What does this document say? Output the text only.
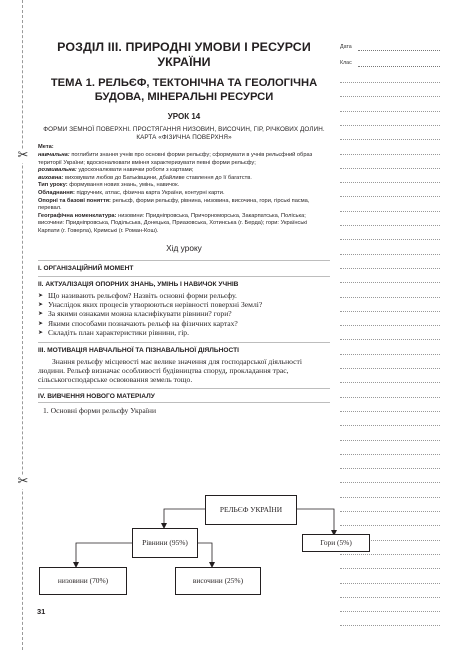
✂
✂
Дата
Клас
РОЗДІЛ ІІІ. ПРИРОДНІ УМОВИ І РЕСУРСИ УКРАЇНИ
ТЕМА 1. РЕЛЬЄФ, ТЕКТОНІЧНА ТА ГЕОЛОГІЧНА БУДОВА, МІНЕРАЛЬНІ РЕСУРСИ
УРОК 14
ФОРМИ ЗЕМНОЇ ПОВЕРХНІ. ПРОСТЯГАННЯ НИЗОВИН, ВИСОЧИН, ГІР, РІЧКОВИХ ДОЛИН. КАРТА «ФІЗИЧНА ПОВЕРХНЯ»

Мета:

навчальна: поглибити знання учнів про основні форми рельєфу; сформувати в учнів рельєфний образ території України; вдосконалювати вміння характеризувати певні форми рельєфу;

розвивальна: удосконалювати навички роботи з картами;

виховна: виховувати любов до Батьківщини, дбайливе ставлення до її багатств.

Тип уроку: формування нових знань, умінь, навичок.

Обладнання: підручник, атлас, фізична карта України, контурні карти.

Опорні та базові поняття: рельєф, форми рельєфу, рівнина, низовина, височина, гори, гірські пасма, перевал.

Географічна номенклатура: низовини: Придніпровська, Причорноморська, Закарпатська, Поліська; височини: Придніпровська, Подільська, Донецька, Приазовська, Хотинська (г. Берда); гори: Українські Карпати (г. Говерла), Кримські (г. Роман-Кош).

Хід уроку

І. ОРГАНІЗАЦІЙНИЙ МОМЕНТ

ІІ. АКТУАЛІЗАЦІЯ ОПОРНИХ ЗНАНЬ, УМІНЬ І НАВИЧОК УЧНІВ

➤ Що називають рельєфом? Назвіть основні форми рельєфу.
➤ Унаслідок яких процесів утворюються нерівності поверхні Землі?
➤ За якими ознаками можна класифікувати рівнини? гори?
➤ Якими способами позначають рельєф на фізичних картах?
➤ Складіть план характеристики рівнини, гір.

ІІІ. МОТИВАЦІЯ НАВЧАЛЬНОЇ ТА ПІЗНАВАЛЬНОЇ ДІЯЛЬНОСТІ

Знання рельєфу місцевості має велике значення для господарської діяльності людини. Рельєф визначає особливості будівництва споруд, прокладання трас, сільськогосподарське освоювання земель тощо.

ІV. ВИВЧЕННЯ НОВОГО МАТЕРІАЛУ

1. Основні форми рельєфу України

РЕЛЬЄФ УКРАЇНИ
Рівнини (95%)	Гори (5%)
низовини (70%)	височини (25%)
31
